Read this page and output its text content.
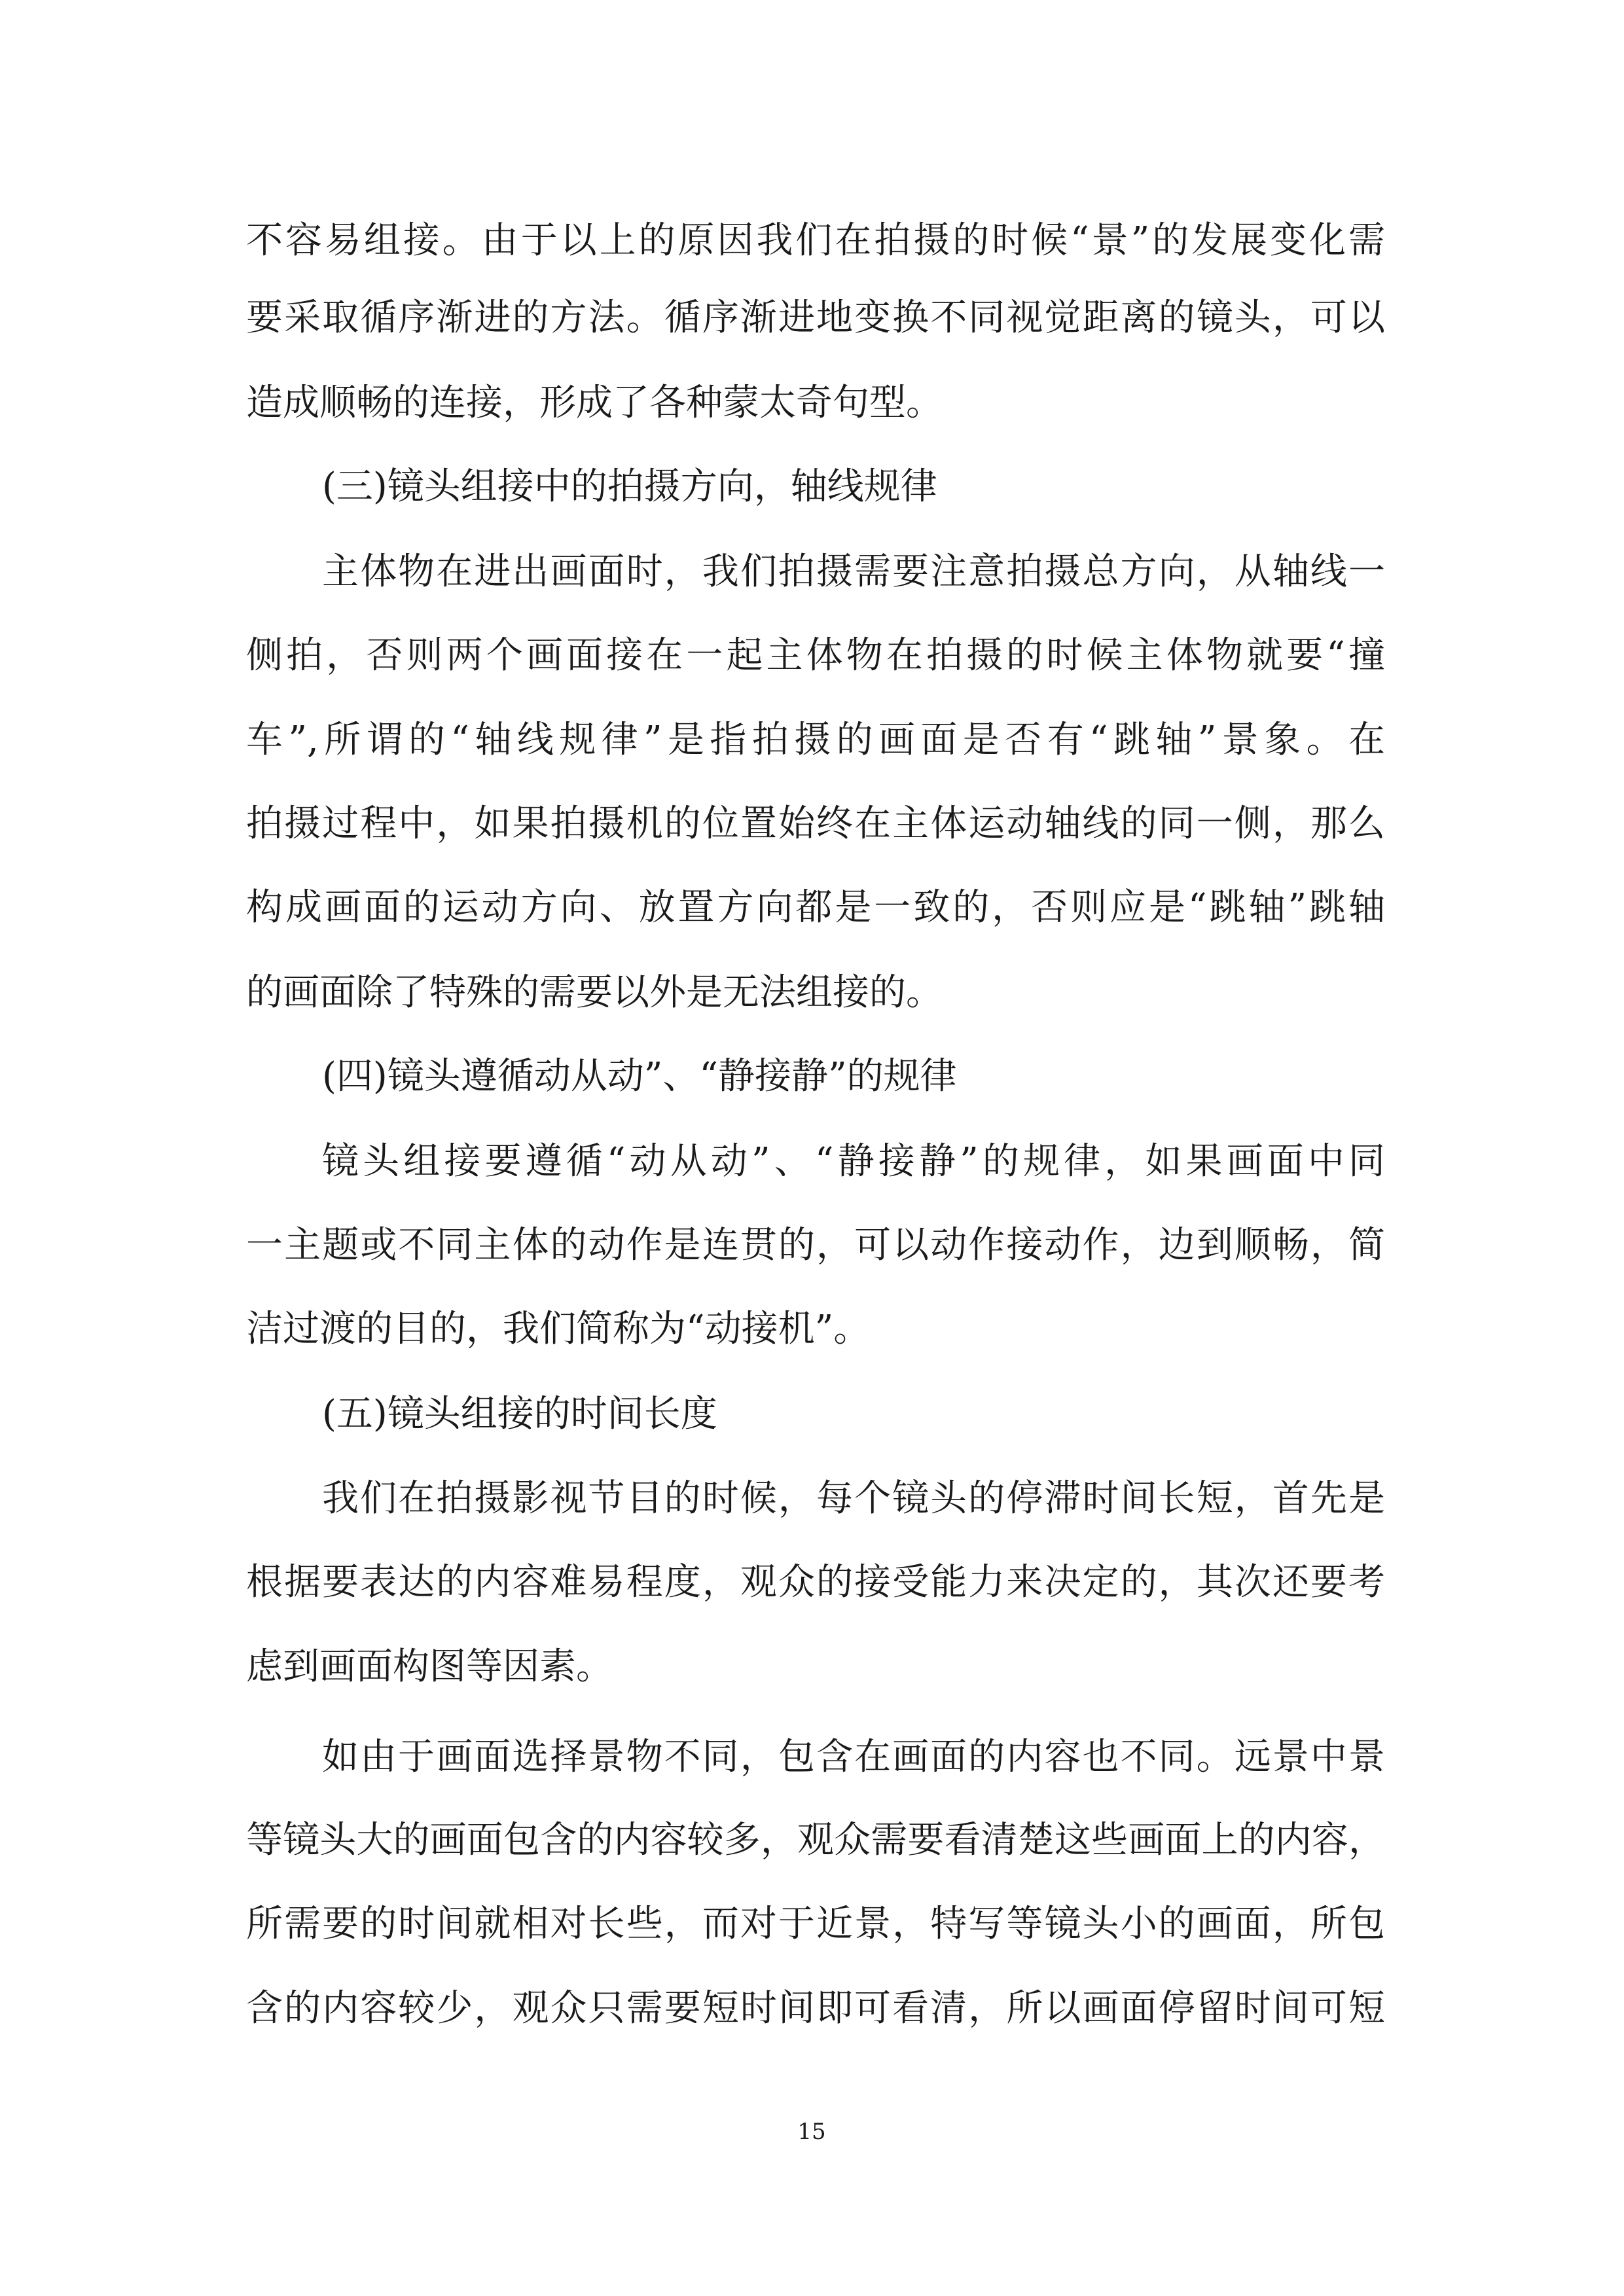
不容易组接。由于以上的原因我们在拍摄的时候“景”的发展变化需
要采取循序渐进的方法。循序渐进地变换不同视觉距离的镜头，可以
造成顺畅的连接，形成了各种蒙太奇句型。
(三)镜头组接中的拍摄方向，轴线规律
主体物在进出画面时，我们拍摄需要注意拍摄总方向，从轴线一
侧拍，否则两个画面接在一起主体物在拍摄的时候主体物就要“撞
车”,所谓的“轴线规律”是指拍摄的画面是否有“跳轴”景象。在
拍摄过程中，如果拍摄机的位置始终在主体运动轴线的同一侧，那么
构成画面的运动方向、放置方向都是一致的，否则应是“跳轴”跳轴
的画面除了特殊的需要以外是无法组接的。
(四)镜头遵循动从动”、“静接静”的规律
镜头组接要遵循“动从动”、“静接静”的规律，如果画面中同
一主题或不同主体的动作是连贯的，可以动作接动作，边到顺畅，简
洁过渡的目的，我们简称为“动接机”。
(五)镜头组接的时间长度
我们在拍摄影视节目的时候，每个镜头的停滞时间长短，首先是
根据要表达的内容难易程度，观众的接受能力来决定的，其次还要考
虑到画面构图等因素。
如由于画面选择景物不同，包含在画面的内容也不同。远景中景
等镜头大的画面包含的内容较多，观众需要看清楚这些画面上的内容，
所需要的时间就相对长些，而对于近景，特写等镜头小的画面，所包
含的内容较少，观众只需要短时间即可看清，所以画面停留时间可短
15
